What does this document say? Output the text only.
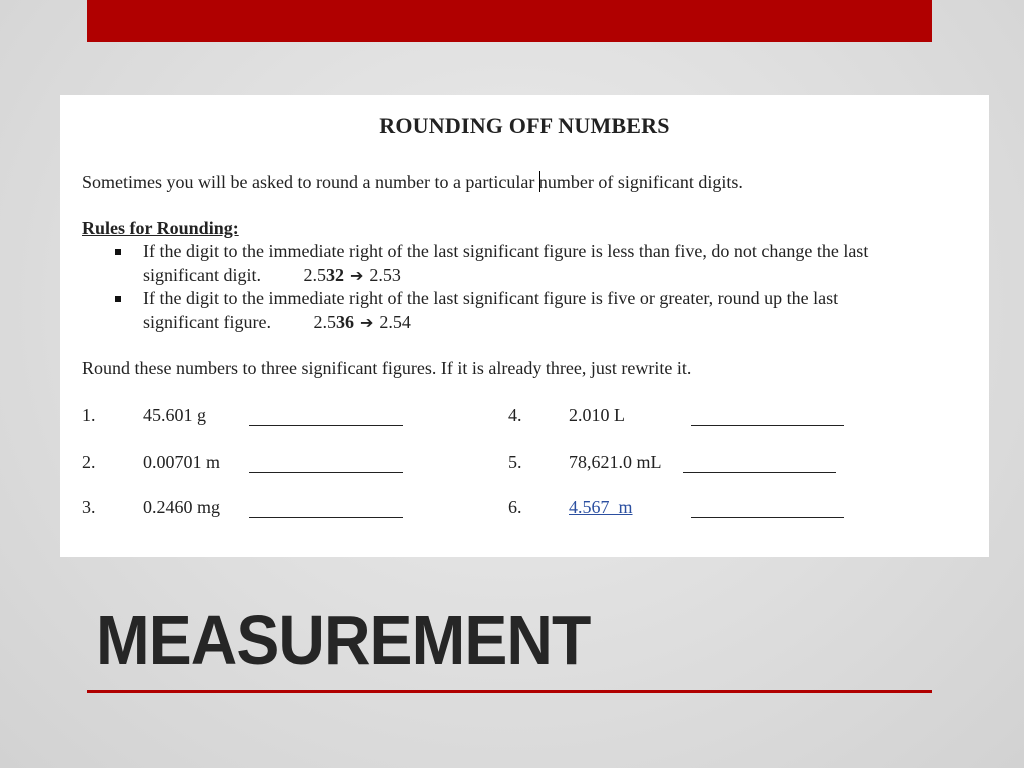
ROUNDING OFF NUMBERS
Sometimes you will be asked to round a number to a particular number of significant digits.
Rules for Rounding:
If the digit to the immediate right of the last significant figure is less than five, do not change the last
significant digit. 2.532 ➔ 2.53
If the digit to the immediate right of the last significant figure is five or greater, round up the last
significant figure. 2.536 ➔ 2.54
Round these numbers to three significant figures. If it is already three, just rewrite it.
1.	45.601 g
2.	0.00701 m
3.	0.2460 mg
4.	2.010 L
5.	78,621.0 mL
6.	4.567  m
MEASUREMENT
